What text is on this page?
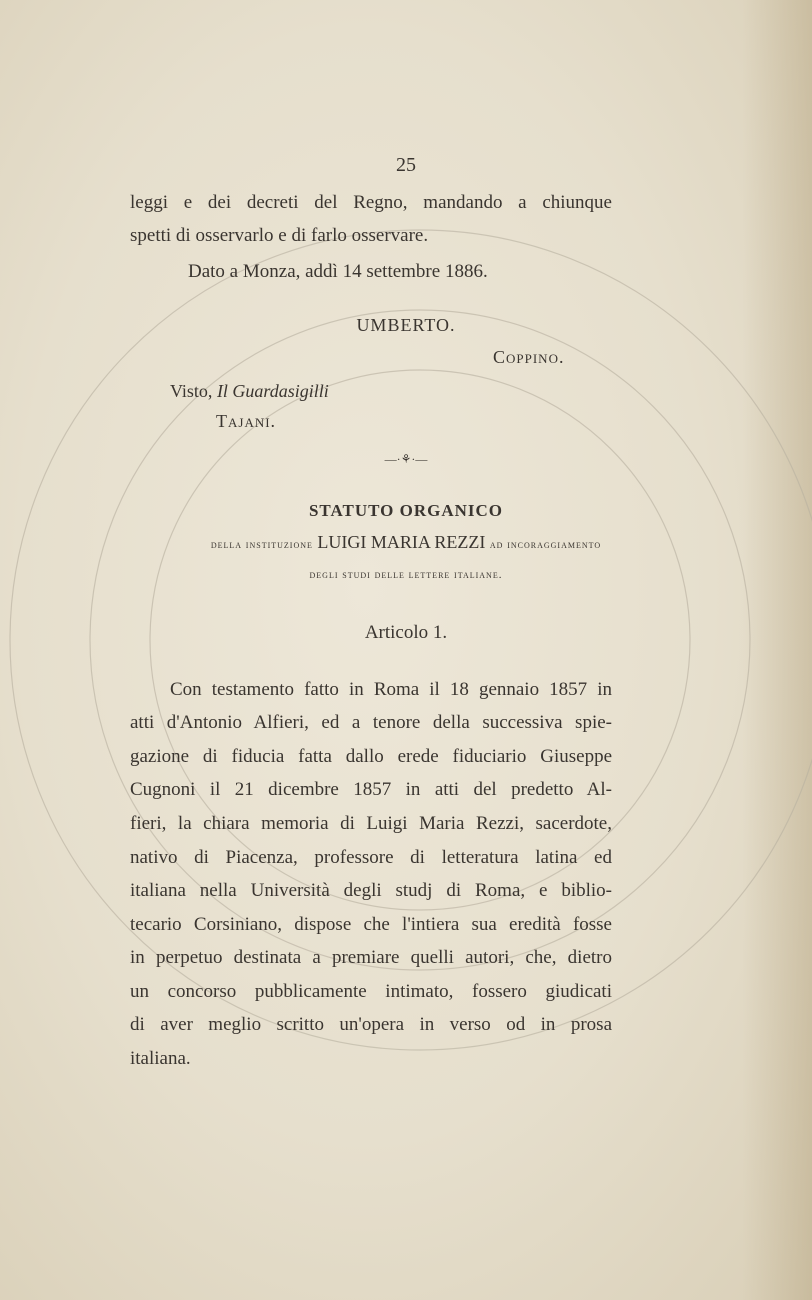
25
leggi e dei decreti del Regno, mandando a chiunque
spetti di osservarlo e di farlo osservare.
Dato a Monza, addì 14 settembre 1886.
UMBERTO.
Coppino.
Visto, Il Guardasigilli
Tajani.
—·⚘·—
STATUTO ORGANICO
della instituzione LUIGI MARIA REZZI ad incoraggiamento
degli studi delle lettere italiane.
Articolo 1.
Con testamento fatto in Roma il 18 gennaio 1857 in
atti d'Antonio Alfieri, ed a tenore della successiva spie-
gazione di fiducia fatta dallo erede fiduciario Giuseppe
Cugnoni il 21 dicembre 1857 in atti del predetto Al-
fieri, la chiara memoria di Luigi Maria Rezzi, sacerdote,
nativo di Piacenza, professore di letteratura latina ed
italiana nella Università degli studj di Roma, e biblio-
tecario Corsiniano, dispose che l'intiera sua eredità fosse
in perpetuo destinata a premiare quelli autori, che, dietro
un concorso pubblicamente intimato, fossero giudicati
di aver meglio scritto un'opera in verso od in prosa
italiana.
